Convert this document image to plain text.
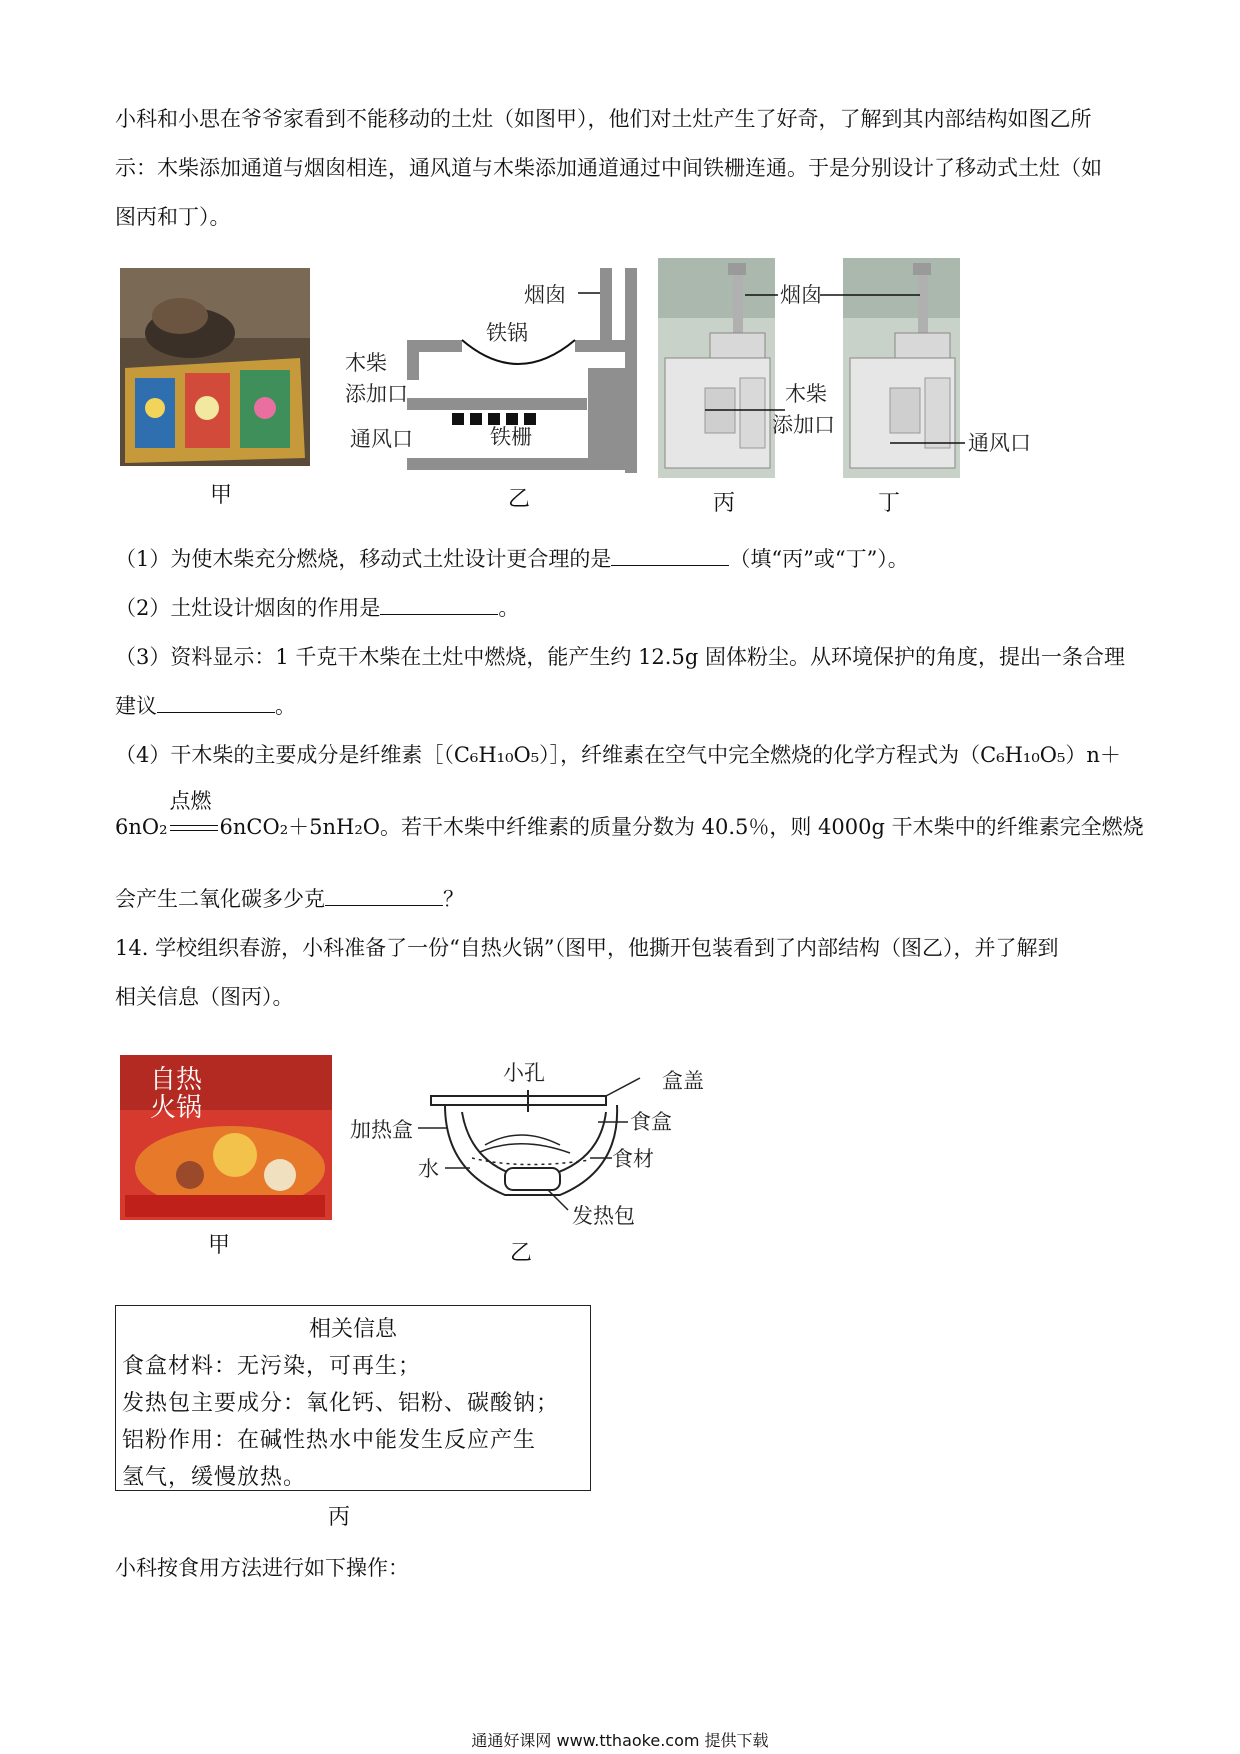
小科和小思在爷爷家看到不能移动的土灶（如图甲），他们对土灶产生了好奇，了解到其内部结构如图乙所
示：木柴添加通道与烟囱相连，通风道与木柴添加通道通过中间铁栅连通。于是分别设计了移动式土灶（如
图丙和丁）。
烟囱
铁锅
木柴
添加口
通风口	铁栅
烟囱
木柴
添加口
通风口
甲	乙	丙	丁
（1）为使木柴充分燃烧，移动式土灶设计更合理的是	（填“丙”或“丁”）。
（2）土灶设计烟囱的作用是	。
（3）资料显示：1 千克干木柴在土灶中燃烧，能产生约 12.5g 固体粉尘。从环境保护的角度，提出一条合理
建议	。
（4）干木柴的主要成分是纤维素［（C₆H₁₀O₅）］，纤维素在空气中完全燃烧的化学方程式为（C₆H₁₀O₅）n＋
6nO₂
点燃
6nCO₂＋5nH₂O。若干木柴中纤维素的质量分数为 40.5％，则 4000g 干木柴中的纤维素完全燃烧
会产生二氧化碳多少克	？
14. 学校组织春游，小科准备了一份“自热火锅”（图甲，他撕开包装看到了内部结构（图乙），并了解到
相关信息（图丙）。
自热
火锅
小孔	盒盖
加热盒	食盒
水	食材
发热包
甲	乙
相关信息
食盒材料：无污染，可再生；
发热包主要成分：氧化钙、铝粉、碳酸钠；
铝粉作用：在碱性热水中能发生反应产生
氢气，缓慢放热。
丙
小科按食用方法进行如下操作：
通通好课网 www.tthaoke.com 提供下载
